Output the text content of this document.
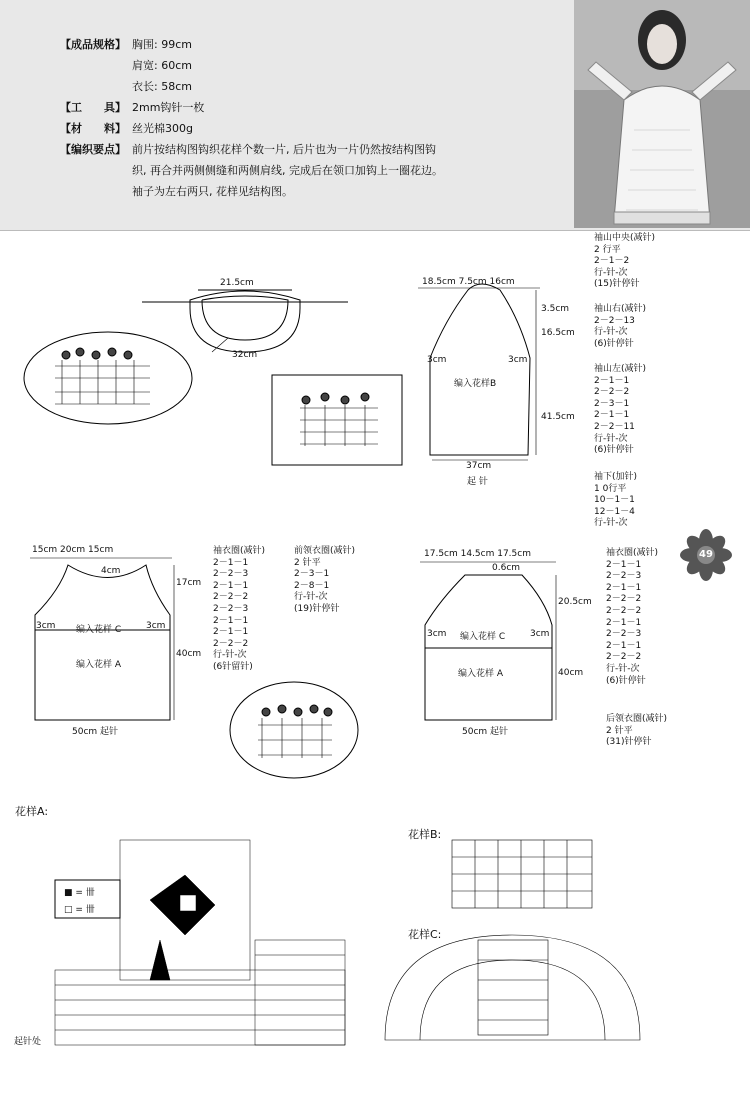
【成品规格】 胸围: 99cm
肩宽: 60cm
衣长: 58cm
【工　　具】 2mm钩针一枚
【材　　料】 丝光棉300g
【编织要点】 前片按结构图钩织花样个数一片, 后片也为一片仍然按结构图钩
织, 再合并两侧侧缝和两侧肩线, 完成后在领口加钩上一圈花边。
袖子为左右两只, 花样见结构图。
21.5cm
32cm
18.5cm 7.5cm 16cm
3.5cm
16.5cm
41.5cm
3cm	3cm
编入花样B
37cm
起 针
袖山中央(减针)
2 行平
2－1－2
行-针-次
(15)针停针
袖山右(减针)
2－2－13
行-针-次
(6)针停针
袖山左(减针)
2－1－1
2－2－2
2－3－1
2－1－1
2－2－11
行-针-次
(6)针停针
袖下(加针)
1 0行平
10－1－1
12－1－4
行-针-次
15cm 20cm 15cm
4cm
17cm
40cm
3cm	3cm
编入花样 C
编入花样 A
50cm 起针
袖衣圈(减针)
2－1－1
2－2－3
2－1－1
2－2－2
2－2－3
2－1－1
2－1－1
2－2－2
行-针-次
(6针留针)
前领衣圈(减针)
2 针平
2－3－1
2－8－1
行-针-次
(19)针停针
17.5cm 14.5cm 17.5cm
0.6cm
20.5cm
40cm
3cm	3cm
编入花样 C
编入花样 A
50cm 起针
袖衣圈(减针)
2－1－1
2－2－3
2－1－1
2－2－2
2－2－2
2－1－1
2－2－3
2－1－1
2－2－2
行-针-次
(6)针停针
后领衣圈(减针)
2 针平
(31)针停针
49
花样A:
花样B:
花样C:
■ = 卌
□ = 卌
起针处
